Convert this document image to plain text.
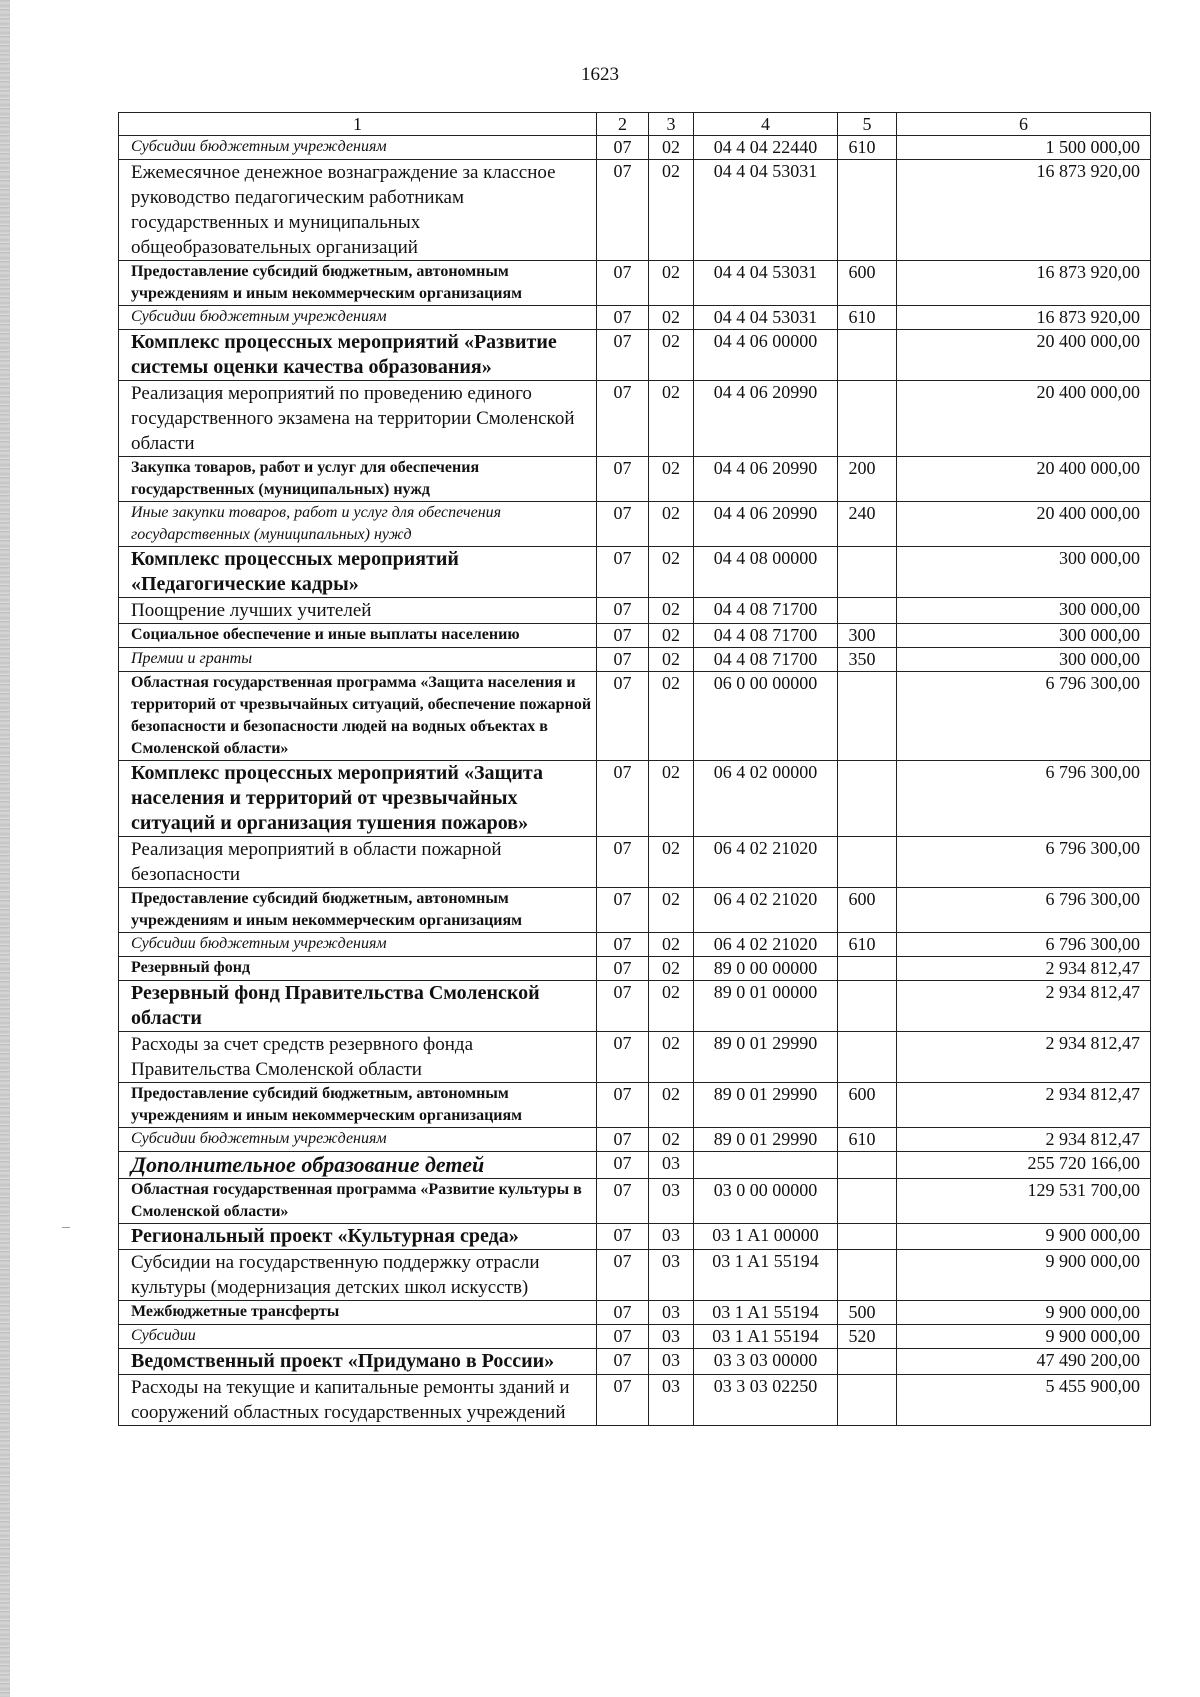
1623
1	2	3	4	5	6
Субсидии бюджетным учреждениям	07	02	04 4 04 22440	610	1 500 000,00
Ежемесячное денежное вознаграждение за классное руководство педагогическим работникам государственных и муниципальных общеобразовательных организаций	07	02	04 4 04 53031		16 873 920,00
Предоставление субсидий бюджетным, автономным учреждениям и иным некоммерческим организациям	07	02	04 4 04 53031	600	16 873 920,00
Субсидии бюджетным учреждениям	07	02	04 4 04 53031	610	16 873 920,00
Комплекс процессных мероприятий «Развитие системы оценки качества образования»	07	02	04 4 06 00000		20 400 000,00
Реализация мероприятий по проведению единого государственного экзамена на территории Смоленской области	07	02	04 4 06 20990		20 400 000,00
Закупка товаров, работ и услуг для обеспечения государственных (муниципальных) нужд	07	02	04 4 06 20990	200	20 400 000,00
Иные закупки товаров, работ и услуг для обеспечения государственных (муниципальных) нужд	07	02	04 4 06 20990	240	20 400 000,00
Комплекс процессных мероприятий «Педагогические кадры»	07	02	04 4 08 00000		300 000,00
Поощрение лучших учителей	07	02	04 4 08 71700		300 000,00
Социальное обеспечение и иные выплаты населению	07	02	04 4 08 71700	300	300 000,00
Премии и гранты	07	02	04 4 08 71700	350	300 000,00
Областная государственная программа «Защита населения и территорий от чрезвычайных ситуаций, обеспечение пожарной безопасности и безопасности людей на водных объектах в Смоленской области»	07	02	06 0 00 00000		6 796 300,00
Комплекс процессных мероприятий «Защита населения и территорий от чрезвычайных ситуаций и организация тушения пожаров»	07	02	06 4 02 00000		6 796 300,00
Реализация мероприятий в области пожарной безопасности	07	02	06 4 02 21020		6 796 300,00
Предоставление субсидий бюджетным, автономным учреждениям и иным некоммерческим организациям	07	02	06 4 02 21020	600	6 796 300,00
Субсидии бюджетным учреждениям	07	02	06 4 02 21020	610	6 796 300,00
Резервный фонд	07	02	89 0 00 00000		2 934 812,47
Резервный фонд Правительства Смоленской области	07	02	89 0 01 00000		2 934 812,47
Расходы за счет средств резервного фонда Правительства Смоленской области	07	02	89 0 01 29990		2 934 812,47
Предоставление субсидий бюджетным, автономным учреждениям и иным некоммерческим организациям	07	02	89 0 01 29990	600	2 934 812,47
Субсидии бюджетным учреждениям	07	02	89 0 01 29990	610	2 934 812,47
Дополнительное образование детей	07	03			255 720 166,00
Областная государственная программа «Развитие культуры в Смоленской области»	07	03	03 0 00 00000		129 531 700,00
Региональный проект «Культурная среда»	07	03	03 1 A1 00000		9 900 000,00
Субсидии на государственную поддержку отрасли культуры (модернизация детских школ искусств)	07	03	03 1 A1 55194		9 900 000,00
Межбюджетные трансферты	07	03	03 1 A1 55194	500	9 900 000,00
Субсидии	07	03	03 1 A1 55194	520	9 900 000,00
Ведомственный проект «Придумано в России»	07	03	03 3 03 00000		47 490 200,00
Расходы на текущие и капитальные ремонты зданий и сооружений областных государственных учреждений	07	03	03 3 03 02250		5 455 900,00
